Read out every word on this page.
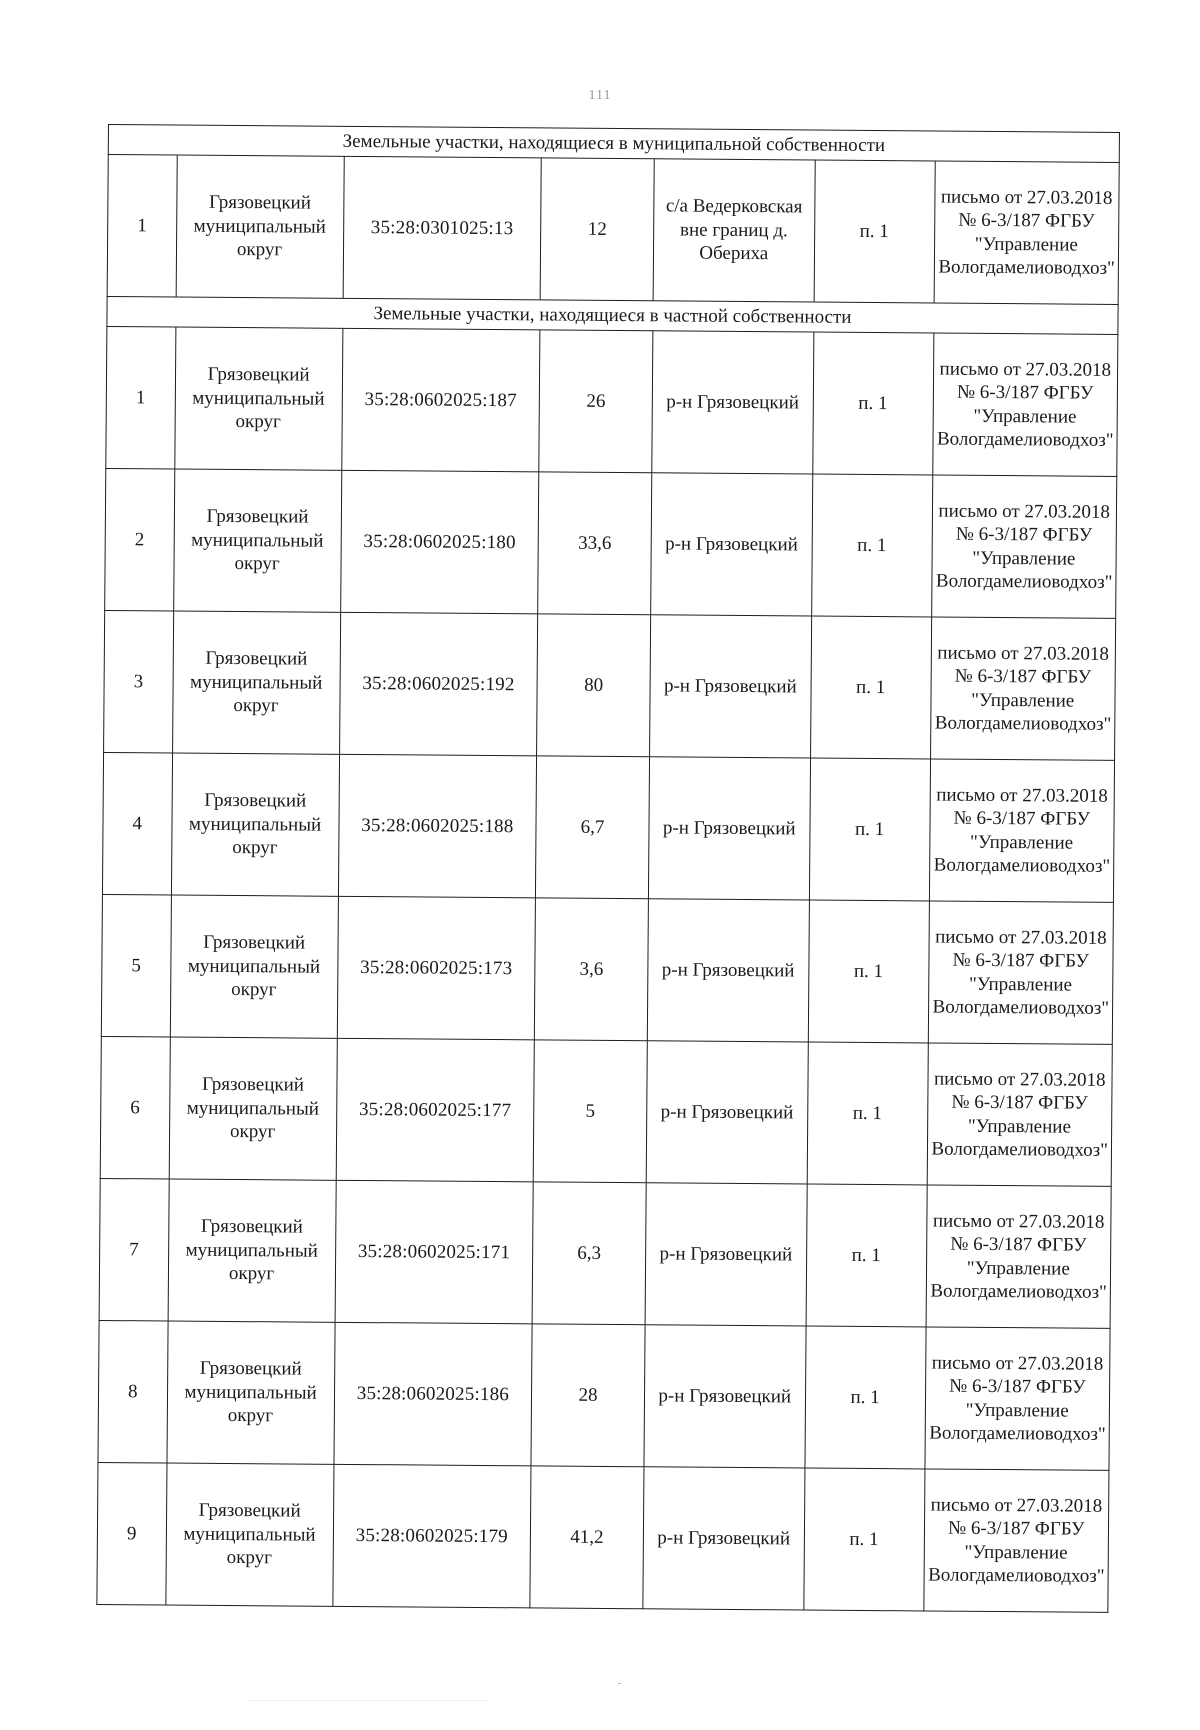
111
Земельные участки, находящиеся в муниципальной собственности						
1	Грязовецкий муниципальный округ	35:28:0301025:13	12	с/а Ведерковская вне границ д. Обериха	п. 1	письмо от 27.03.2018 № 6-3/187 ФГБУ "Управление Вологдамелиоводхоз"
Земельные участки, находящиеся в частной собственности						
1	Грязовецкий муниципальный округ	35:28:0602025:187	26	р-н Грязовецкий	п. 1	письмо от 27.03.2018 № 6-3/187 ФГБУ "Управление Вологдамелиоводхоз"
2	Грязовецкий муниципальный округ	35:28:0602025:180	33,6	р-н Грязовецкий	п. 1	письмо от 27.03.2018 № 6-3/187 ФГБУ "Управление Вологдамелиоводхоз"
3	Грязовецкий муниципальный округ	35:28:0602025:192	80	р-н Грязовецкий	п. 1	письмо от 27.03.2018 № 6-3/187 ФГБУ "Управление Вологдамелиоводхоз"
4	Грязовецкий муниципальный округ	35:28:0602025:188	6,7	р-н Грязовецкий	п. 1	письмо от 27.03.2018 № 6-3/187 ФГБУ "Управление Вологдамелиоводхоз"
5	Грязовецкий муниципальный округ	35:28:0602025:173	3,6	р-н Грязовецкий	п. 1	письмо от 27.03.2018 № 6-3/187 ФГБУ "Управление Вологдамелиоводхоз"
6	Грязовецкий муниципальный округ	35:28:0602025:177	5	р-н Грязовецкий	п. 1	письмо от 27.03.2018 № 6-3/187 ФГБУ "Управление Вологдамелиоводхоз"
7	Грязовецкий муниципальный округ	35:28:0602025:171	6,3	р-н Грязовецкий	п. 1	письмо от 27.03.2018 № 6-3/187 ФГБУ "Управление Вологдамелиоводхоз"
8	Грязовецкий муниципальный округ	35:28:0602025:186	28	р-н Грязовецкий	п. 1	письмо от 27.03.2018 № 6-3/187 ФГБУ "Управление Вологдамелиоводхоз"
9	Грязовецкий муниципальный округ	35:28:0602025:179	41,2	р-н Грязовецкий	п. 1	письмо от 27.03.2018 № 6-3/187 ФГБУ "Управление Вологдамелиоводхоз"
